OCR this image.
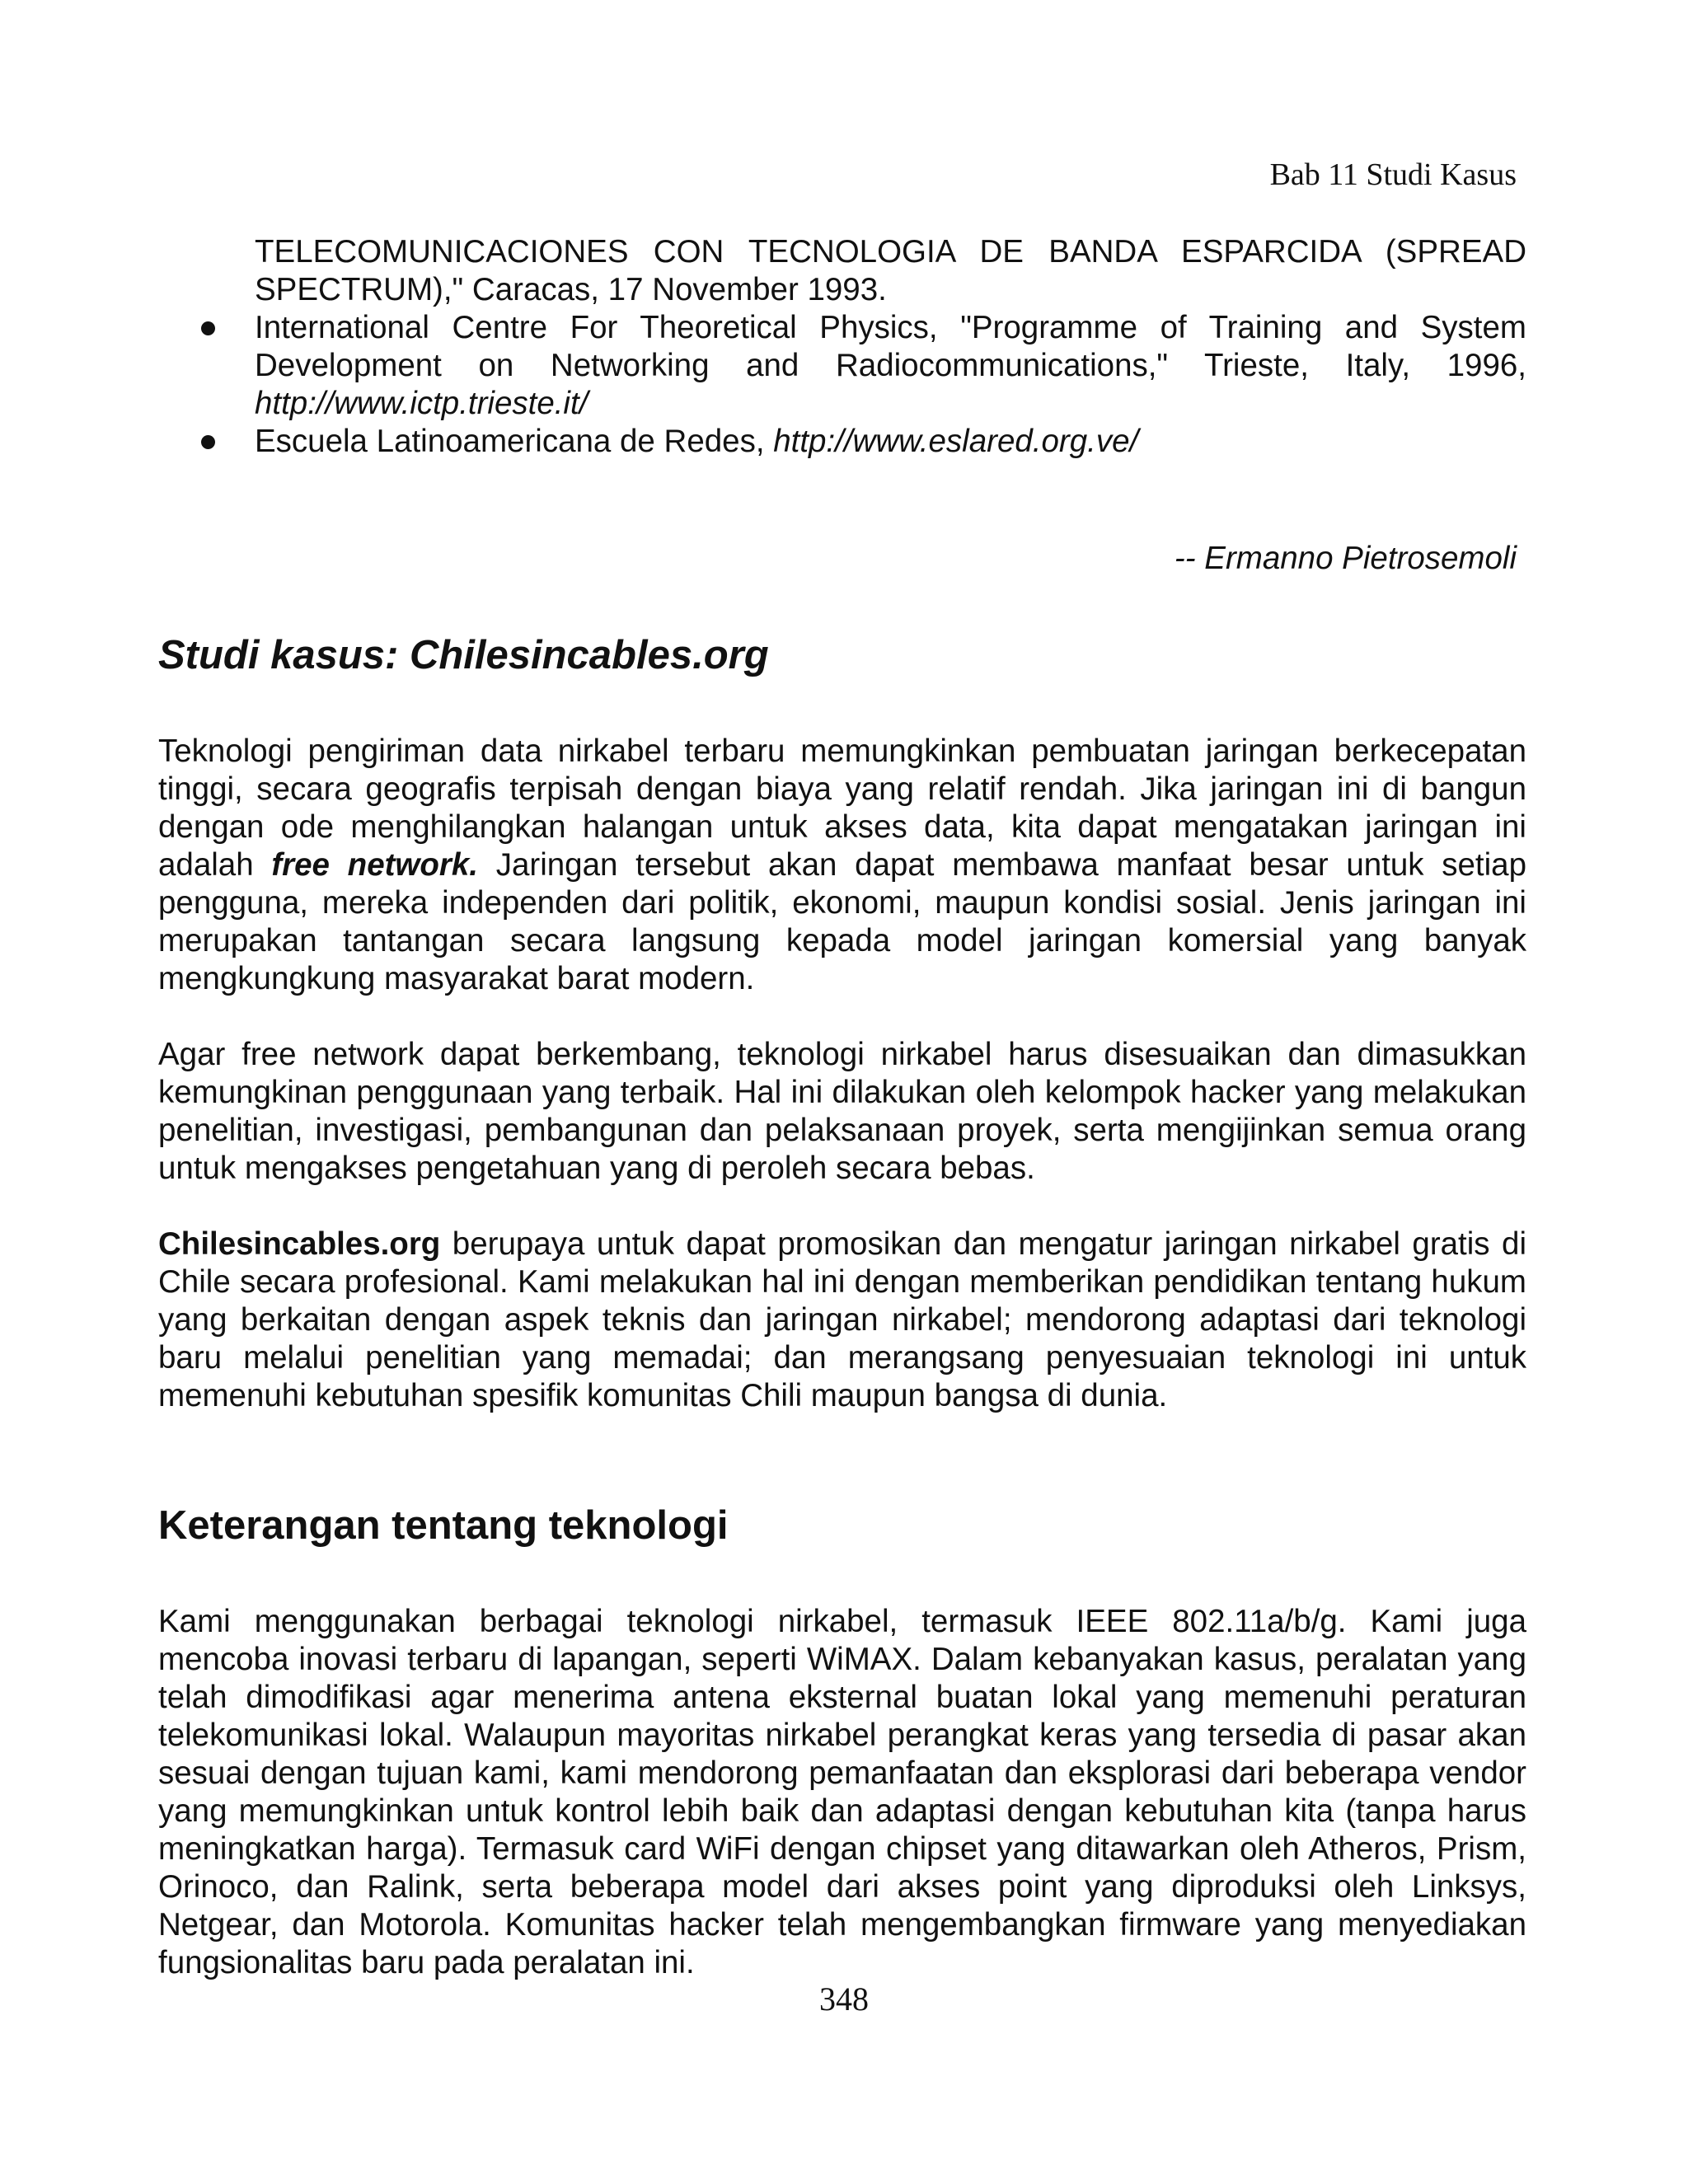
Bab 11 Studi Kasus

TELECOMUNICACIONES CON TECNOLOGIA DE BANDA ESPARCIDA (SPREAD SPECTRUM)," Caracas, 17 November 1993.

International Centre For Theoretical Physics, "Programme of Training and System Development on Networking and Radiocommunications," Trieste, Italy, 1996, http://www.ictp.trieste.it/
Escuela Latinoamericana de Redes, http://www.eslared.org.ve/
-- Ermanno Pietrosemoli
Studi kasus: Chilesincables.org

Teknologi pengiriman data nirkabel terbaru memungkinkan pembuatan jaringan berkecepatan tinggi, secara geografis terpisah dengan biaya yang relatif rendah. Jika jaringan ini di bangun dengan ode menghilangkan halangan untuk akses data, kita dapat mengatakan jaringan ini adalah free network. Jaringan tersebut akan dapat membawa manfaat besar untuk setiap pengguna, mereka independen dari politik, ekonomi, maupun kondisi sosial. Jenis jaringan ini merupakan tantangan secara langsung kepada model jaringan komersial yang banyak mengkungkung masyarakat barat modern.

Agar free network dapat berkembang, teknologi nirkabel harus disesuaikan dan dimasukkan kemungkinan penggunaan yang terbaik. Hal ini dilakukan oleh kelompok hacker yang melakukan penelitian, investigasi, pembangunan dan pelaksanaan proyek, serta mengijinkan semua orang untuk mengakses pengetahuan yang di peroleh secara bebas.

Chilesincables.org berupaya untuk dapat promosikan dan mengatur jaringan nirkabel gratis di Chile secara profesional. Kami melakukan hal ini dengan memberikan pendidikan tentang hukum yang berkaitan dengan aspek teknis dan jaringan nirkabel; mendorong adaptasi dari teknologi baru melalui penelitian yang memadai; dan merangsang penyesuaian teknologi ini untuk memenuhi kebutuhan spesifik komunitas Chili maupun bangsa di dunia.

Keterangan tentang teknologi

Kami menggunakan berbagai teknologi nirkabel, termasuk IEEE 802.11a/b/g. Kami juga mencoba inovasi terbaru di lapangan, seperti WiMAX. Dalam kebanyakan kasus, peralatan yang telah dimodifikasi agar menerima antena eksternal buatan lokal yang memenuhi peraturan telekomunikasi lokal. Walaupun mayoritas nirkabel perangkat keras yang tersedia di pasar akan sesuai dengan tujuan kami, kami mendorong pemanfaatan dan eksplorasi dari beberapa vendor yang memungkinkan untuk kontrol lebih baik dan adaptasi dengan kebutuhan kita (tanpa harus meningkatkan harga). Termasuk card WiFi dengan chipset yang ditawarkan oleh Atheros, Prism, Orinoco, dan Ralink, serta beberapa model dari akses point yang diproduksi oleh Linksys, Netgear, dan Motorola. Komunitas hacker telah mengembangkan firmware yang menyediakan fungsionalitas baru pada peralatan ini.

348
